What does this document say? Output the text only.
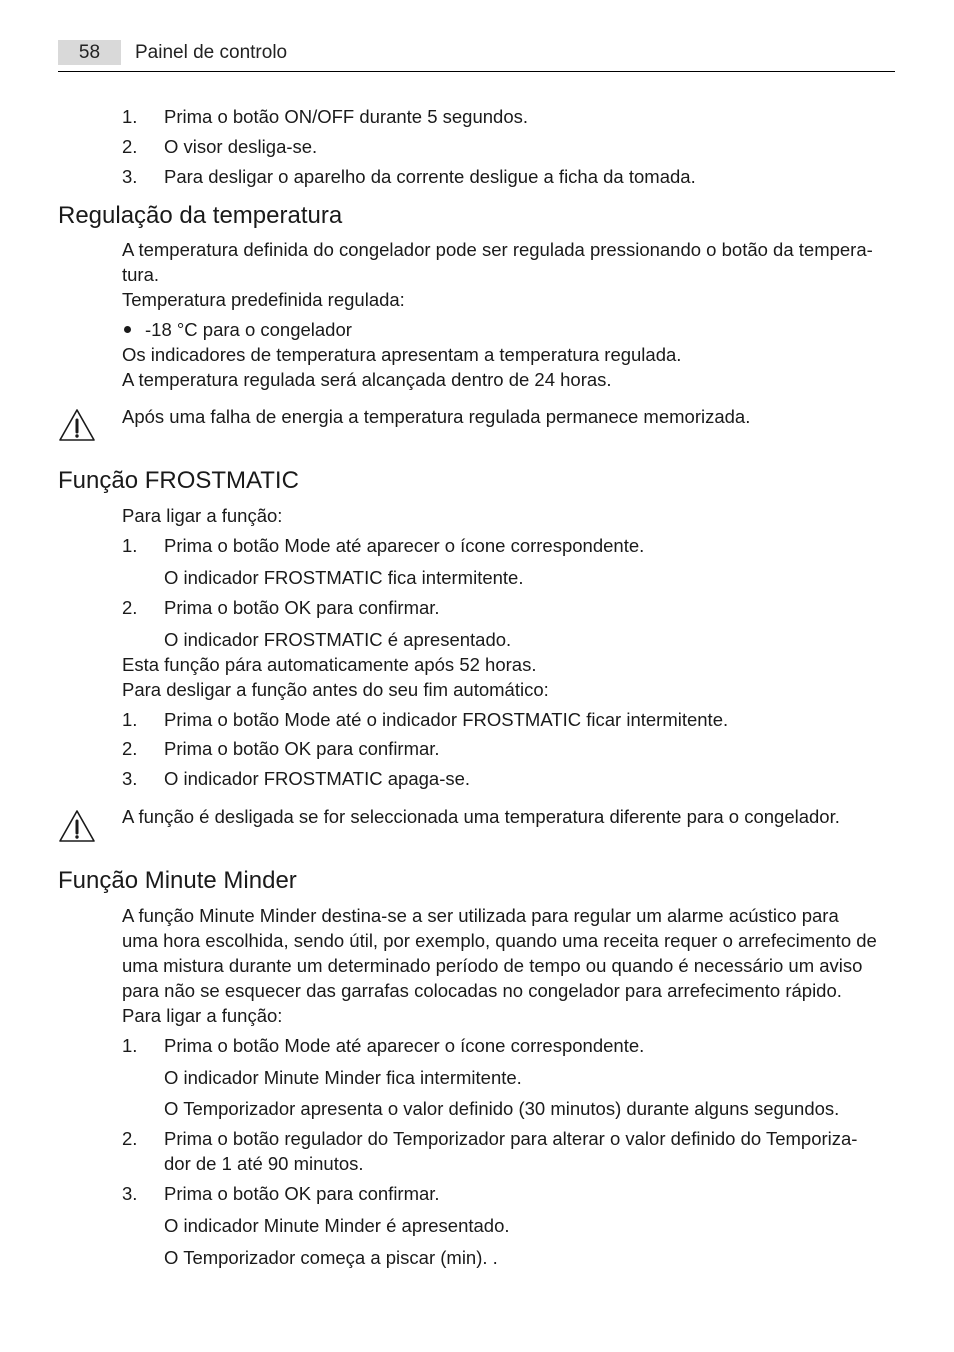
58	Painel de controlo
1. Prima o botão ON/OFF durante 5 segundos.
2. O visor desliga-se.
3. Para desligar o aparelho da corrente desligue a ficha da tomada.
Regulação da temperatura
A temperatura definida do congelador pode ser regulada pressionando o botão da tempera-
tura.
Temperatura predefinida regulada:
-18 °C para o congelador
Os indicadores de temperatura apresentam a temperatura regulada.
A temperatura regulada será alcançada dentro de 24 horas.
Após uma falha de energia a temperatura regulada permanece memorizada.
Função FROSTMATIC
Para ligar a função:
1. Prima o botão Mode até aparecer o ícone correspondente.
O indicador FROSTMATIC fica intermitente.
2. Prima o botão OK para confirmar.
O indicador FROSTMATIC é apresentado.
Esta função pára automaticamente após 52 horas.
Para desligar a função antes do seu fim automático:
1. Prima o botão Mode até o indicador FROSTMATIC ficar intermitente.
2. Prima o botão OK para confirmar.
3. O indicador FROSTMATIC apaga-se.
A função é desligada se for seleccionada uma temperatura diferente para o congelador.
Função Minute Minder
A função Minute Minder destina-se a ser utilizada para regular um alarme acústico para
uma hora escolhida, sendo útil, por exemplo, quando uma receita requer o arrefecimento de
uma mistura durante um determinado período de tempo ou quando é necessário um aviso
para não se esquecer das garrafas colocadas no congelador para arrefecimento rápido.
Para ligar a função:
1. Prima o botão Mode até aparecer o ícone correspondente.
O indicador Minute Minder fica intermitente.
O Temporizador apresenta o valor definido (30 minutos) durante alguns segundos.
2. Prima o botão regulador do Temporizador para alterar o valor definido do Temporiza-
dor de 1 até 90 minutos.
3. Prima o botão OK para confirmar.
O indicador Minute Minder é apresentado.
O Temporizador começa a piscar (min). .
